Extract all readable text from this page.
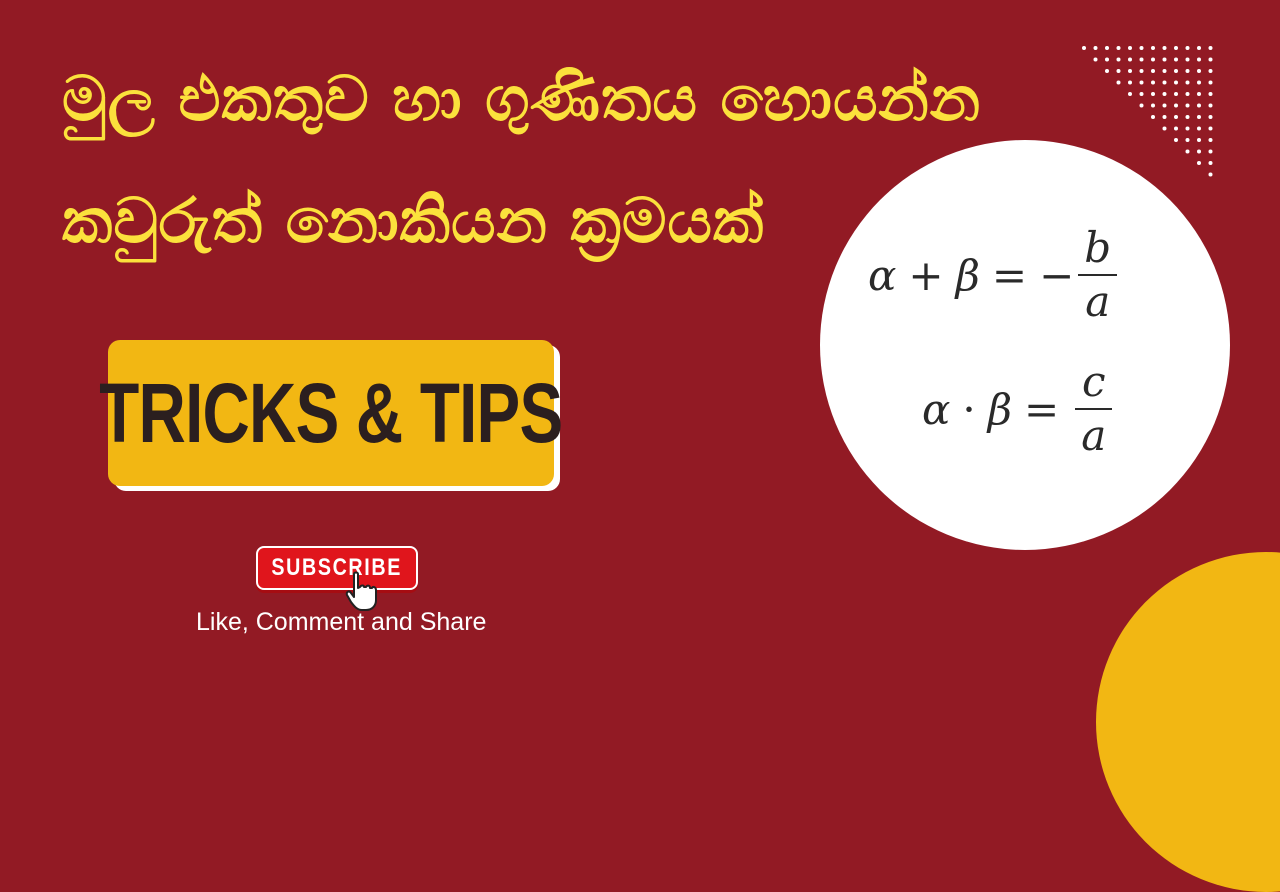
මුල එකතුව හා ගුණිතය හොයන්න
කවුරුත් නොකියන ක්‍රමයක්
α + β = − $\frac{b}{a}$
$\alpha \cdot \beta = \frac{c}{a}$
TRICKS & TIPS
SUBSCRIBE

Like, Comment and Share
